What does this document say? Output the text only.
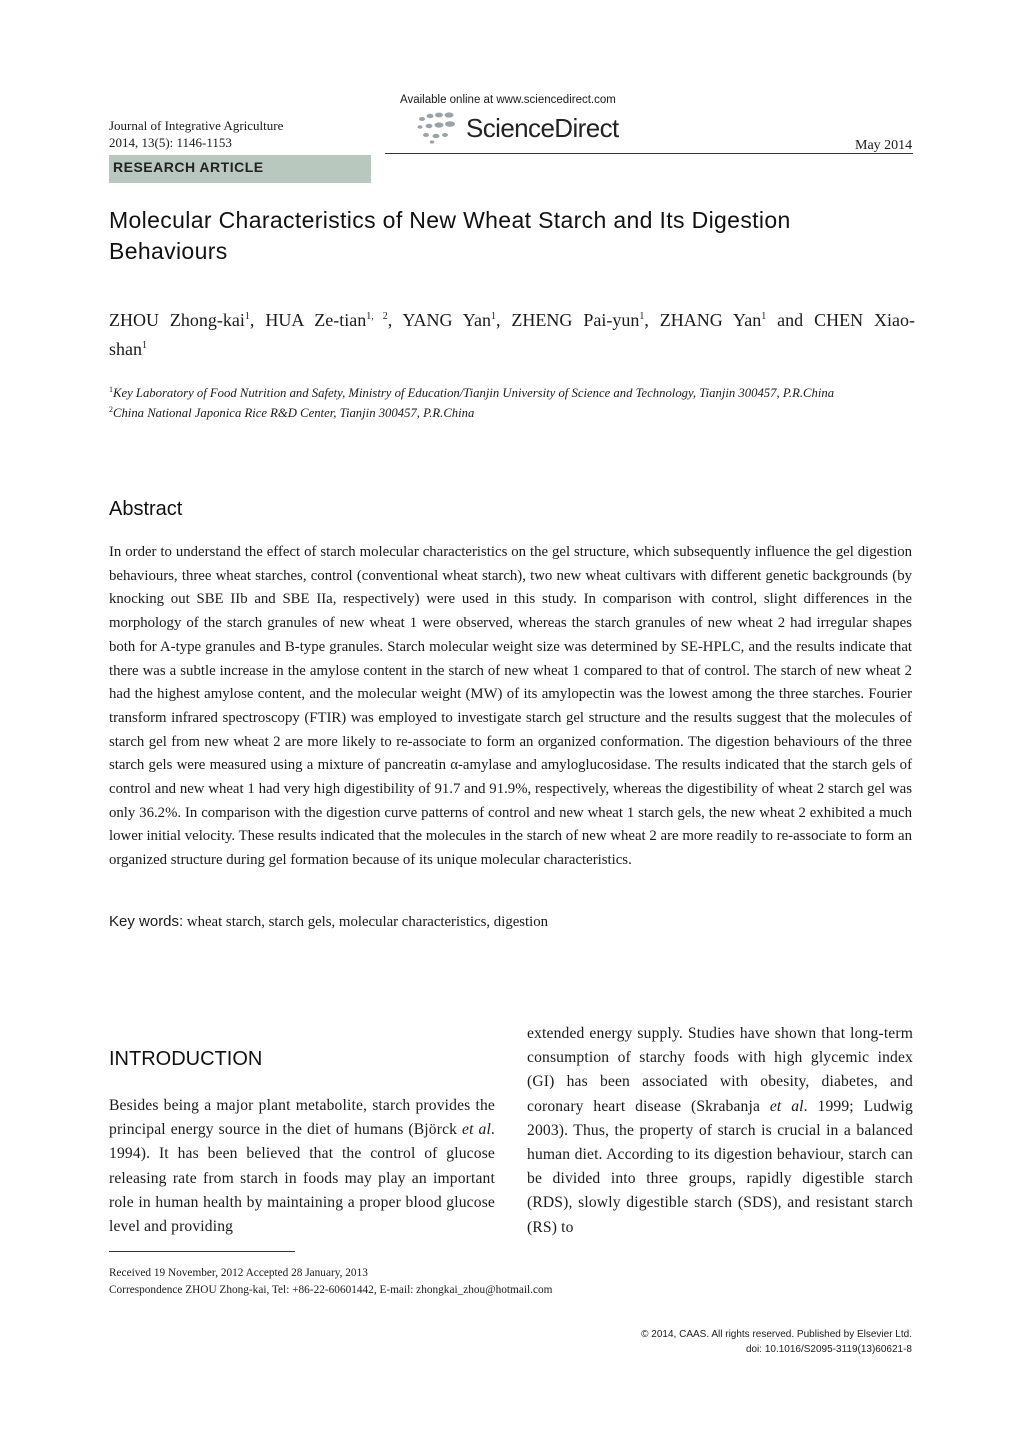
Journal of Integrative Agriculture
2014, 13(5): 1146-1153
Available online at www.sciencedirect.com
ScienceDirect
May 2014
RESEARCH ARTICLE
Molecular Characteristics of New Wheat Starch and Its Digestion
Behaviours
ZHOU Zhong-kai$^1$, HUA Ze-tian$^{1, 2}$, YANG Yan$^1$, ZHENG Pai-yun$^1$, ZHANG Yan$^1$ and CHEN Xiao-
shan$^1$
$^1$Key Laboratory of Food Nutrition and Safety, Ministry of Education/Tianjin University of Science and Technology, Tianjin 300457, P.R.China
$^2$China National Japonica Rice R&D Center, Tianjin 300457, P.R.China
Abstract
In order to understand the effect of starch molecular characteristics on the gel structure, which subsequently influence the gel digestion behaviours, three wheat starches, control (conventional wheat starch), two new wheat cultivars with different genetic backgrounds (by knocking out SBE IIb and SBE IIa, respectively) were used in this study. In comparison with control, slight differences in the morphology of the starch granules of new wheat 1 were observed, whereas the starch granules of new wheat 2 had irregular shapes both for A-type granules and B-type granules. Starch molecular weight size was determined by SE-HPLC, and the results indicate that there was a subtle increase in the amylose content in the starch of new wheat 1 compared to that of control. The starch of new wheat 2 had the highest amylose content, and the molecular weight (MW) of its amylopectin was the lowest among the three starches. Fourier transform infrared spectroscopy (FTIR) was employed to investigate starch gel structure and the results suggest that the molecules of starch gel from new wheat 2 are more likely to re-associate to form an organized conformation. The digestion behaviours of the three starch gels were measured using a mixture of pancreatin α-amylase and amyloglucosidase. The results indicated that the starch gels of control and new wheat 1 had very high digestibility of 91.7 and 91.9%, respectively, whereas the digestibility of wheat 2 starch gel was only 36.2%. In comparison with the digestion curve patterns of control and new wheat 1 starch gels, the new wheat 2 exhibited a much lower initial velocity. These results indicated that the molecules in the starch of new wheat 2 are more readily to re-associate to form an organized structure during gel formation because of its unique molecular characteristics.
Key words: wheat starch, starch gels, molecular characteristics, digestion
INTRODUCTION
Besides being a major plant metabolite, starch provides the principal energy source in the diet of humans (Björck et al. 1994). It has been believed that the control of glucose releasing rate from starch in foods may play an important role in human health by maintaining a proper blood glucose level and providing
extended energy supply. Studies have shown that long-term consumption of starchy foods with high glycemic index (GI) has been associated with obesity, diabetes, and coronary heart disease (Skrabanja et al. 1999; Ludwig 2003). Thus, the property of starch is crucial in a balanced human diet. According to its digestion behaviour, starch can be divided into three groups, rapidly digestible starch (RDS), slowly digestible starch (SDS), and resistant starch (RS) to
Received 19 November, 2012 Accepted 28 January, 2013
Correspondence ZHOU Zhong-kai, Tel: +86-22-60601442, E-mail: zhongkai_zhou@hotmail.com
© 2014, CAAS. All rights reserved. Published by Elsevier Ltd.
doi: 10.1016/S2095-3119(13)60621-8
